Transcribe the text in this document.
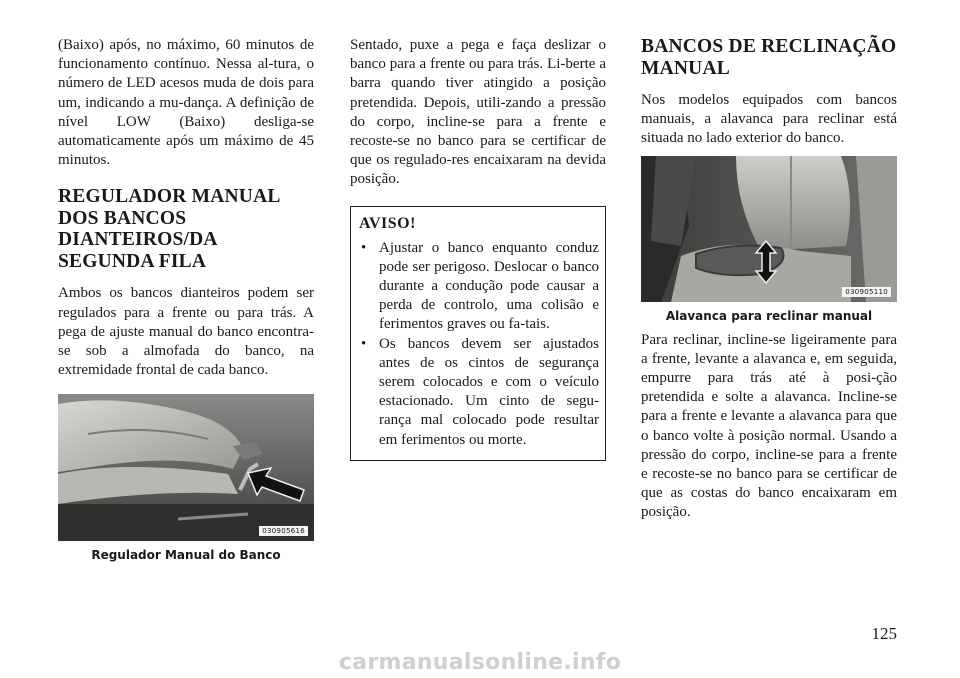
(Baixo) após, no máximo, 60 minutos de funcionamento contínuo. Nessa al-tura, o número de LED acesos muda de dois para um, indicando a mu-dança. A definição de nível LOW (Baixo) desliga-se automaticamente após um máximo de 45 minutos.

REGULADOR MANUAL
DOS BANCOS
DIANTEIROS/DA
SEGUNDA FILA

Ambos os bancos dianteiros podem ser regulados para a frente ou para trás. A pega de ajuste manual do banco encontra-se sob a almofada do banco, na extremidade frontal de cada banco.

030905616
Regulador Manual do Banco

Sentado, puxe a pega e faça deslizar o banco para a frente ou para trás. Li-berte a barra quando tiver atingido a posição pretendida. Depois, utili-zando a pressão do corpo, incline-se para a frente e recoste-se no banco para se certificar de que os regulado-res encaixaram na devida posição.

AVISO!
• Ajustar o banco enquanto conduz pode ser perigoso. Deslocar o banco durante a condução pode causar a perda de controlo, uma colisão e ferimentos graves ou fa-tais.
• Os bancos devem ser ajustados antes de os cintos de segurança serem colocados e com o veículo estacionado. Um cinto de segu-rança mal colocado pode resultar em ferimentos ou morte.
BANCOS DE RECLINAÇÃO
MANUAL

Nos modelos equipados com bancos manuais, a alavanca para reclinar está situada no lado exterior do banco.

030905110
Alavanca para reclinar manual

Para reclinar, incline-se ligeiramente para a frente, levante a alavanca e, em seguida, empurre para trás até à posi-ção pretendida e solte a alavanca. Incline-se para a frente e levante a alavanca para que o banco volte à posição normal. Usando a pressão do corpo, incline-se para a frente e recoste-se no banco para se certificar de que as costas do banco encaixaram em posição.

125
carmanualsonline.info
